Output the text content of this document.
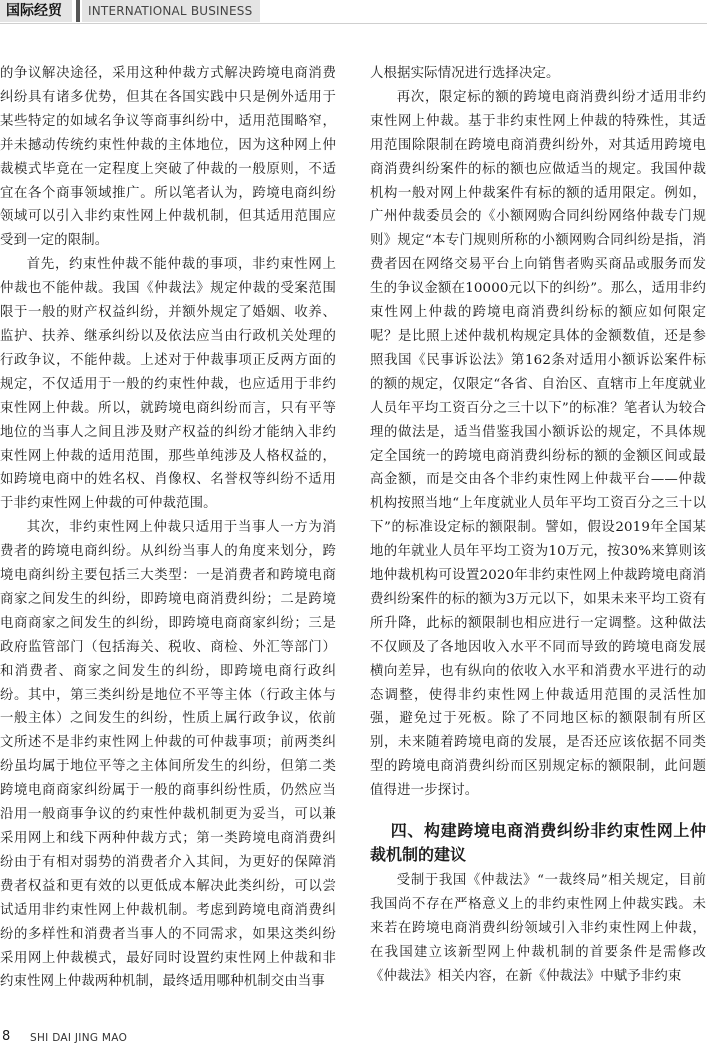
国际经贸	INTERNATIONAL BUSINESS

的争议解决途径，采用这种仲裁方式解决跨境电商消费纠纷具有诸多优势，但其在各国实践中只是例外适用于某些特定的如域名争议等商事纠纷中，适用范围略窄，并未撼动传统约束性仲裁的主体地位，因为这种网上仲裁模式毕竟在一定程度上突破了仲裁的一般原则，不适宜在各个商事领域推广。所以笔者认为，跨境电商纠纷领域可以引入非约束性网上仲裁机制，但其适用范围应受到一定的限制。

首先，约束性仲裁不能仲裁的事项，非约束性网上仲裁也不能仲裁。我国《仲裁法》规定仲裁的受案范围限于一般的财产权益纠纷，并额外规定了婚姻、收养、监护、扶养、继承纠纷以及依法应当由行政机关处理的行政争议，不能仲裁。上述对于仲裁事项正反两方面的规定，不仅适用于一般的约束性仲裁，也应适用于非约束性网上仲裁。所以，就跨境电商纠纷而言，只有平等地位的当事人之间且涉及财产权益的纠纷才能纳入非约束性网上仲裁的适用范围，那些单纯涉及人格权益的，如跨境电商中的姓名权、肖像权、名誉权等纠纷不适用于非约束性网上仲裁的可仲裁范围。

其次，非约束性网上仲裁只适用于当事人一方为消费者的跨境电商纠纷。从纠纷当事人的角度来划分，跨境电商纠纷主要包括三大类型：一是消费者和跨境电商商家之间发生的纠纷，即跨境电商消费纠纷；二是跨境电商商家之间发生的纠纷，即跨境电商商家纠纷；三是政府监管部门（包括海关、税收、商检、外汇等部门）和消费者、商家之间发生的纠纷，即跨境电商行政纠纷。其中，第三类纠纷是地位不平等主体（行政主体与一般主体）之间发生的纠纷，性质上属行政争议，依前文所述不是非约束性网上仲裁的可仲裁事项；前两类纠纷虽均属于地位平等之主体间所发生的纠纷，但第二类跨境电商商家纠纷属于一般的商事纠纷性质，仍然应当沿用一般商事争议的约束性仲裁机制更为妥当，可以兼采用网上和线下两种仲裁方式；第一类跨境电商消费纠纷由于有相对弱势的消费者介入其间，为更好的保障消费者权益和更有效的以更低成本解决此类纠纷，可以尝试适用非约束性网上仲裁机制。考虑到跨境电商消费纠纷的多样性和消费者当事人的不同需求，如果这类纠纷采用网上仲裁模式，最好同时设置约束性网上仲裁和非约束性网上仲裁两种机制，最终适用哪种机制交由当事

人根据实际情况进行选择决定。

再次，限定标的额的跨境电商消费纠纷才适用非约束性网上仲裁。基于非约束性网上仲裁的特殊性，其适用范围除限制在跨境电商消费纠纷外，对其适用跨境电商消费纠纷案件的标的额也应做适当的规定。我国仲裁机构一般对网上仲裁案件有标的额的适用限定。例如，广州仲裁委员会的《小额网购合同纠纷网络仲裁专门规则》规定“本专门规则所称的小额网购合同纠纷是指，消费者因在网络交易平台上向销售者购买商品或服务而发生的争议金额在10000元以下的纠纷”。那么，适用非约束性网上仲裁的跨境电商消费纠纷标的额应如何限定呢？是比照上述仲裁机构规定具体的金额数值，还是参照我国《民事诉讼法》第162条对适用小额诉讼案件标的额的规定，仅限定“各省、自治区、直辖市上年度就业人员年平均工资百分之三十以下”的标准？笔者认为较合理的做法是，适当借鉴我国小额诉讼的规定，不具体规定全国统一的跨境电商消费纠纷标的额的金额区间或最高金额，而是交由各个非约束性网上仲裁平台——仲裁机构按照当地“上年度就业人员年平均工资百分之三十以下”的标准设定标的额限制。譬如，假设2019年全国某地的年就业人员年平均工资为10万元，按30%来算则该地仲裁机构可设置2020年非约束性网上仲裁跨境电商消费纠纷案件的标的额为3万元以下，如果未来平均工资有所升降，此标的额限制也相应进行一定调整。这种做法不仅顾及了各地因收入水平不同而导致的跨境电商发展横向差异，也有纵向的依收入水平和消费水平进行的动态调整，使得非约束性网上仲裁适用范围的灵活性加强，避免过于死板。除了不同地区标的额限制有所区别，未来随着跨境电商的发展，是否还应该依据不同类型的跨境电商消费纠纷而区别规定标的额限制，此问题值得进一步探讨。

四、构建跨境电商消费纠纷非约束性网上仲裁机制的建议

受制于我国《仲裁法》“一裁终局”相关规定，目前我国尚不存在严格意义上的非约束性网上仲裁实践。未来若在跨境电商消费纠纷领域引入非约束性网上仲裁，在我国建立该新型网上仲裁机制的首要条件是需修改《仲裁法》相关内容，在新《仲裁法》中赋予非约束

8 SHI DAI JING MAO
